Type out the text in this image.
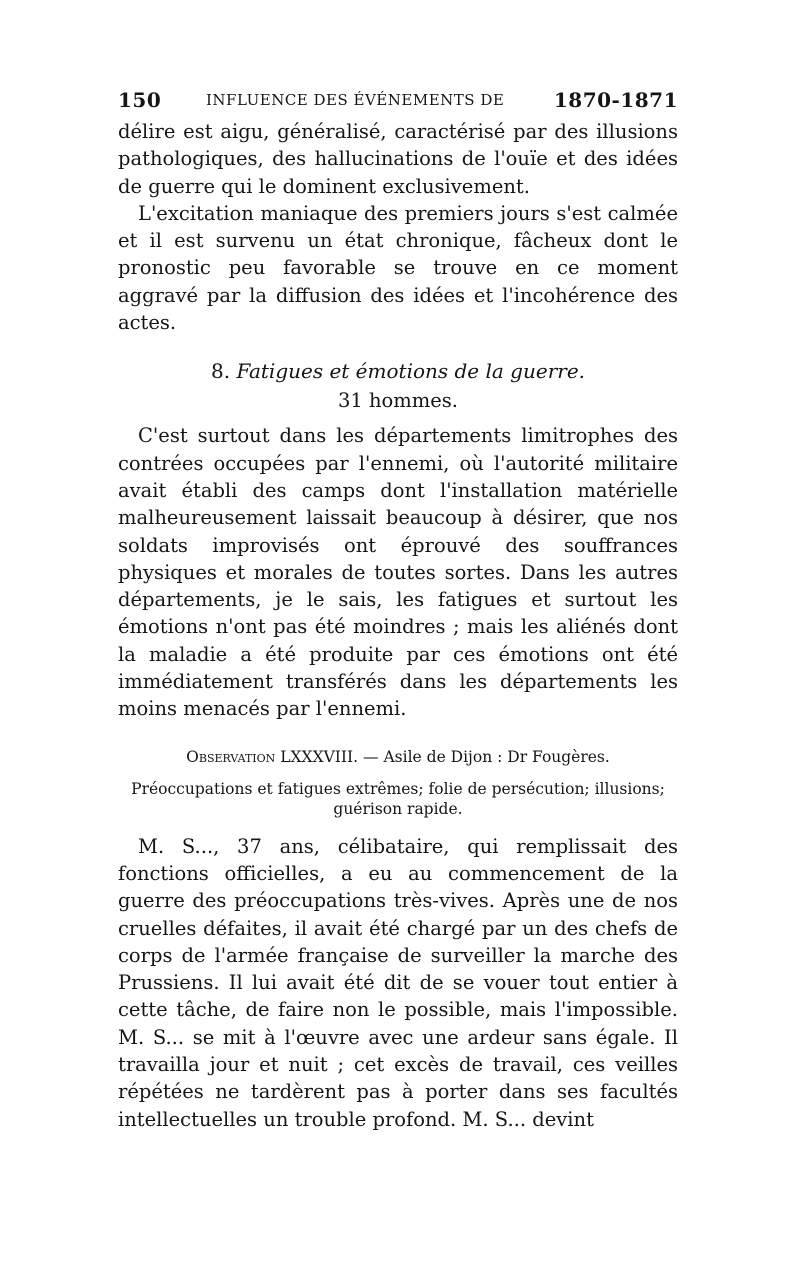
150	INFLUENCE DES ÉVÉNEMENTS DE 1870-1871

délire est aigu, généralisé, caractérisé par des illusions pathologiques, des hallucinations de l'ouïe et des idées de guerre qui le dominent exclusivement.

L'excitation maniaque des premiers jours s'est calmée et il est survenu un état chronique, fâcheux dont le pronostic peu favorable se trouve en ce moment aggravé par la diffusion des idées et l'incohérence des actes.

8. Fatigues et émotions de la guerre.
31 hommes.

C'est surtout dans les départements limitrophes des contrées occupées par l'ennemi, où l'autorité militaire avait établi des camps dont l'installation matérielle malheureusement laissait beaucoup à désirer, que nos soldats improvisés ont éprouvé des souffrances physiques et morales de toutes sortes. Dans les autres départements, je le sais, les fatigues et surtout les émotions n'ont pas été moindres ; mais les aliénés dont la maladie a été produite par ces émotions ont été immédiatement transférés dans les départements les moins menacés par l'ennemi.

Observation LXXXVIII. — Asile de Dijon : Dr Fougères.

Préoccupations et fatigues extrêmes; folie de persécution; illusions; guérison rapide.

M. S..., 37 ans, célibataire, qui remplissait des fonctions officielles, a eu au commencement de la guerre des préoccupations très-vives. Après une de nos cruelles défaites, il avait été chargé par un des chefs de corps de l'armée française de surveiller la marche des Prussiens. Il lui avait été dit de se vouer tout entier à cette tâche, de faire non le possible, mais l'impossible. M. S... se mit à l'œuvre avec une ardeur sans égale. Il travailla jour et nuit ; cet excès de travail, ces veilles répétées ne tardèrent pas à porter dans ses facultés intellectuelles un trouble profond. M. S... devint
